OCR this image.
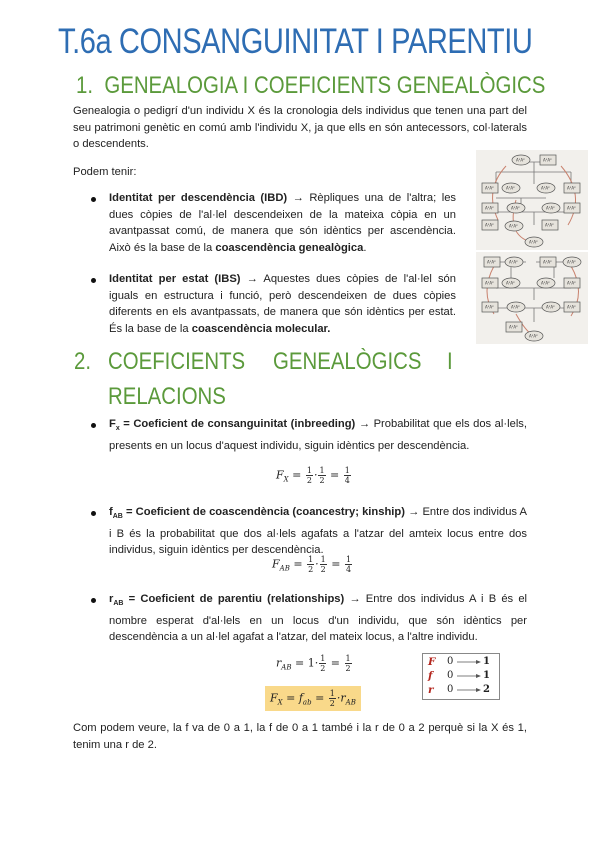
T.6a CONSANGUINITAT I PARENTIU
1.  GENEALOGIA I COEFICIENTS GENEALÒGICS
Genealogia o pedigrí d'un individu X és la cronologia dels individus que tenen una part del seu patrimoni genètic en comú amb l'individu X, ja que ells en són antecessors, col·laterals o descendents.
Podem tenir:
Identitat per descendència (IBD) → Rèpliques una de l'altra; les dues còpies de l'al·lel descendeixen de la mateixa còpia en un avantpassat comú, de manera que són idèntics per ascendència. Això és la base de la coascendència genealògica.
Identitat per estat (IBS) → Aquestes dues còpies de l'al·lel són iguals en estructura i funció, però descendeixen de dues còpies diferents en els avantpassats, de manera que són idèntics per estat. És la base de la coascendència molecular.
A¹A²	A¹A²
A¹A²	A¹A²	A¹A²	A¹A²
A¹A²	A¹A²	A¹A²	A¹A²
A¹A²	A¹A²	A¹A²
A¹A²
A¹A²	A¹A²	A¹A²	A¹A²
A¹A²	A¹A²	A¹A²	A¹A²
A¹A²	A¹A²	A¹A²	A¹A²
A¹A²
A¹A²
2. COEFICIENTS GENEALÒGICS I
RELACIONS
$F_x$ = Coeficient de consanguinitat (inbreeding) → Probabilitat que els dos al·lels, presents en un locus d'aquest individu, siguin idèntics per descendència.
$F_X = \frac{1}{2} \cdot \frac{1}{2} = \frac{1}{4}$
$f_{AB}$ = Coeficient de coascendència (coancestry; kinship) → Entre dos individus A i B és la probabilitat que dos al·lels agafats a l'atzar del amteix locus entre dos individus, siguin idèntics per descendència.
$F_{AB} = \frac{1}{2} \cdot \frac{1}{2} = \frac{1}{4}$
$r_{AB}$ = Coeficient de parentiu (relationships) → Entre dos individus A i B és el nombre esperat d'al·lels en un locus d'un individu, que són idèntics per descendència a un al·lel agafat a l'atzar, del mateix locus, a l'altre individu.
$r_{AB} = 1\cdot \frac{1}{2} = \frac{1}{2}$
$F_X = f_{ab} = \frac{1}{2} \cdot r_{AB}$
F 0	1
f 0	1
r 0	2
Com podem veure, la f va de 0 a 1, la f de 0 a 1 també i la r de 0 a 2 perquè si la X és 1, tenim una r de 2.
